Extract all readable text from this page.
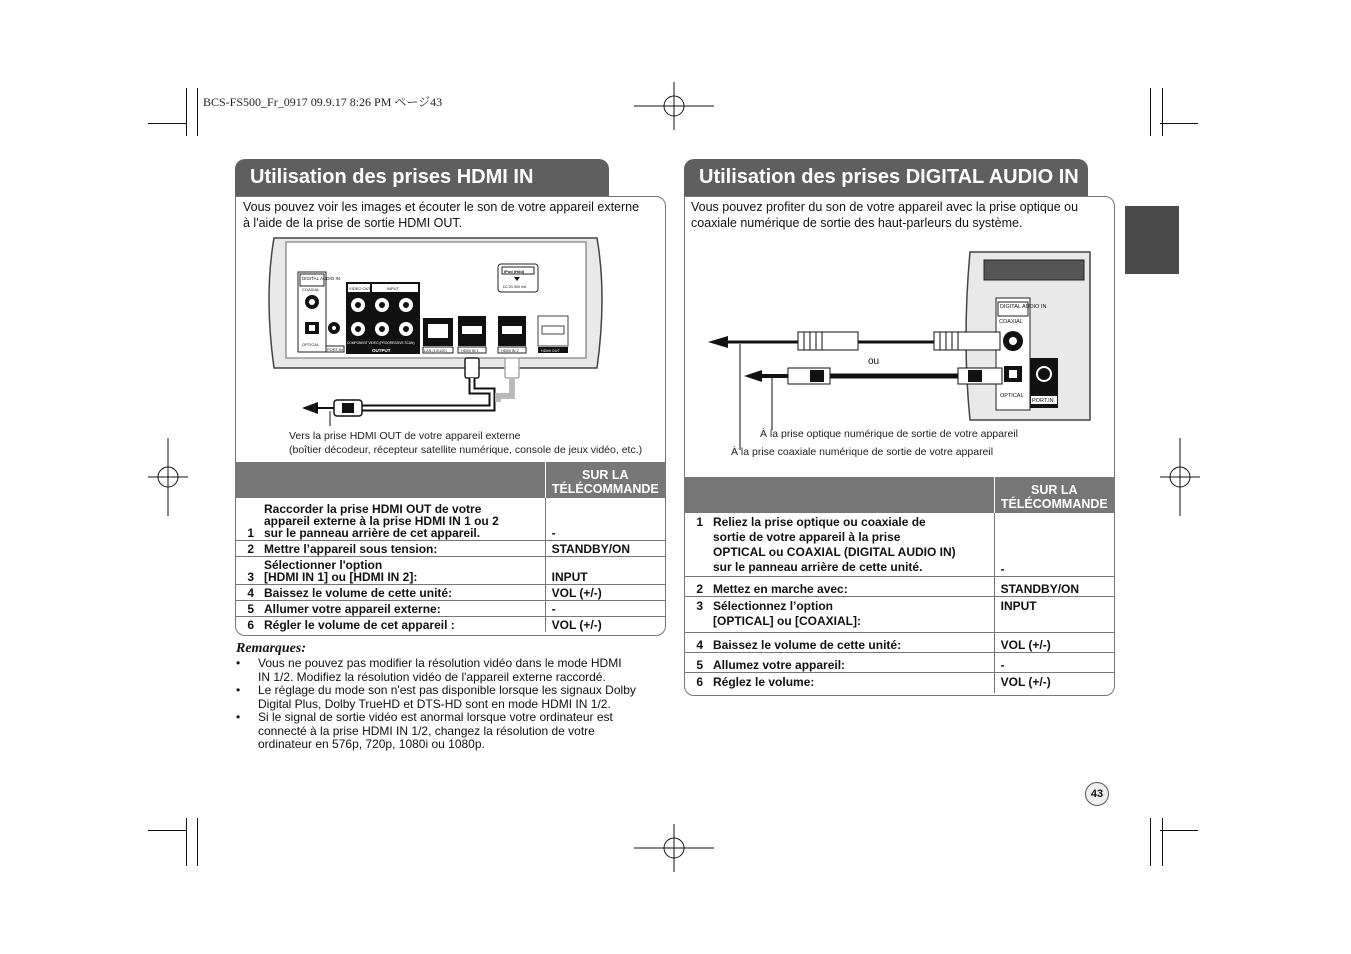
BCS-FS500_Fr_0917 09.9.17 8:26 PM ページ43
Utilisation des prises HDMI IN
Vous pouvez voir les images et écouter le son de votre appareil externe
à l'aide de la prise de sortie HDMI OUT.
DIGITAL AUDIO IN
COAXIAL
OPTICAL
PORT.IN
VIDEO OUT	INPUT
COMPONENT VIDEO (PROGRESSIVE SCAN)
OUTPUT	LAN (10/100)	HDMI IN 1	HDMI IN 2	HDMI OUT
iPod (Hdd)
DC 5V 500 mA
Vers la prise HDMI OUT de votre appareil externe
(boîtier décodeur, récepteur satellite numérique, console de jeux vidéo, etc.)

		SUR LA
TÉLÉCOMMANDE

1	Raccorder la prise HDMI OUT de votre
appareil externe à la prise HDMI IN 1 ou 2
sur le panneau arrière de cet appareil.	-
2	Mettre l’appareil sous tension:	STANDBY/ON
3	Sélectionner l'option
[HDMI IN 1] ou [HDMI IN 2]:	INPUT
4	Baissez le volume de cette unité:	VOL (+/-)
5	Allumer votre appareil externe:	-
6	Régler le volume de cet appareil :	VOL (+/-)
Remarques:
• Vous ne pouvez pas modifier la résolution vidéo dans le mode HDMI
IN 1/2. Modifiez la résolution vidéo de l'appareil externe raccordé.
• Le réglage du mode son n'est pas disponible lorsque les signaux Dolby
Digital Plus, Dolby TrueHD et DTS-HD sont en mode HDMI IN 1/2.
• Si le signal de sortie vidéo est anormal lorsque votre ordinateur est
connecté à la prise HDMI IN 1/2, changez la résolution de votre
ordinateur en 576p, 720p, 1080i ou 1080p.
Utilisation des prises DIGITAL AUDIO IN
Vous pouvez profiter du son de votre appareil avec la prise optique ou
coaxiale numérique de sortie des haut-parleurs du système.
DIGITAL AUDIO IN
COAXIAL
OPTICAL
PORT.IN
ou
À la prise optique numérique de sortie de votre appareil
À la prise coaxiale numérique de sortie de votre appareil

		SUR LA
TÉLÉCOMMANDE

1	Reliez la prise optique ou coaxiale de
sortie de votre appareil à la prise
OPTICAL ou COAXIAL (DIGITAL AUDIO IN)
sur le panneau arrière de cette unité.	-
2	Mettez en marche avec:	STANDBY/ON
3	Sélectionnez l’option
[OPTICAL] ou [COAXIAL]:	INPUT
4	Baissez le volume de cette unité:	VOL (+/-)
5	Allumez votre appareil:	-
6	Réglez le volume:	VOL (+/-)
43
